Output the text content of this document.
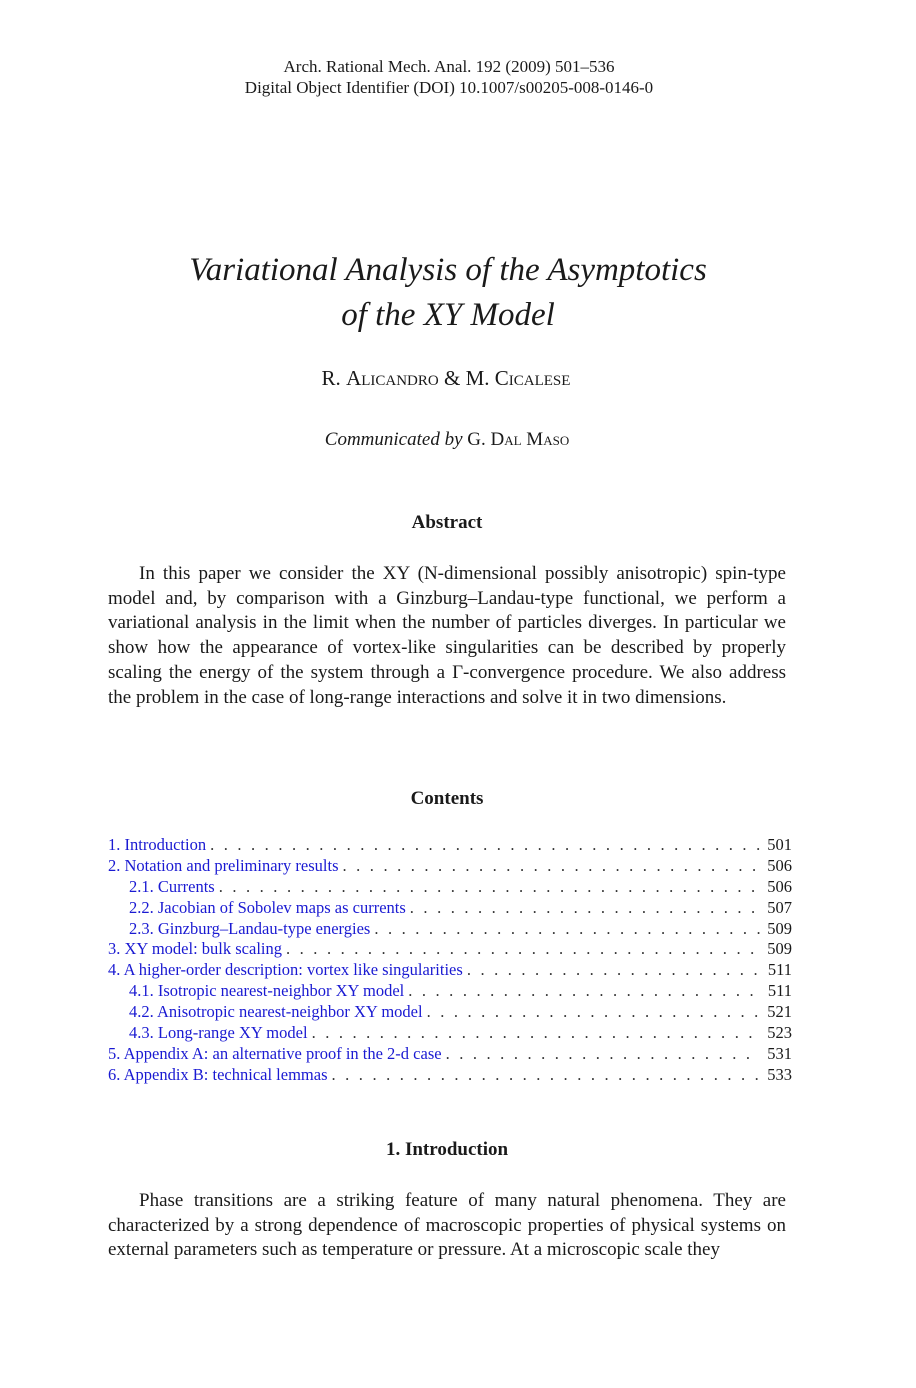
Arch. Rational Mech. Anal. 192 (2009) 501–536
Digital Object Identifier (DOI) 10.1007/s00205-008-0146-0
Variational Analysis of the Asymptotics
of the XY Model
R. Alicandro & M. Cicalese
Communicated by G. Dal Maso
Abstract

In this paper we consider the XY (N-dimensional possibly anisotropic) spin-type model and, by comparison with a Ginzburg–Landau-type functional, we perform a variational analysis in the limit when the number of particles diverges. In particular we show how the appearance of vortex-like singularities can be described by properly scaling the energy of the system through a Γ-convergence procedure. We also address the problem in the case of long-range interactions and solve it in two dimensions.

Contents
1. Introduction . . .	501
2. Notation and preliminary results . . .	506
2.1. Currents . . .	506
2.2. Jacobian of Sobolev maps as currents . . .	507
2.3. Ginzburg–Landau-type energies . . .	509
3. XY model: bulk scaling . . .	509
4. A higher-order description: vortex like singularities . . .	511
4.1. Isotropic nearest-neighbor XY model . . .	511
4.2. Anisotropic nearest-neighbor XY model . . .	521
4.3. Long-range XY model . . .	523
5. Appendix A: an alternative proof in the 2-d case . . .	531
6. Appendix B: technical lemmas . . .	533
1. Introduction

Phase transitions are a striking feature of many natural phenomena. They are characterized by a strong dependence of macroscopic properties of physical systems on external parameters such as temperature or pressure. At a microscopic scale they
